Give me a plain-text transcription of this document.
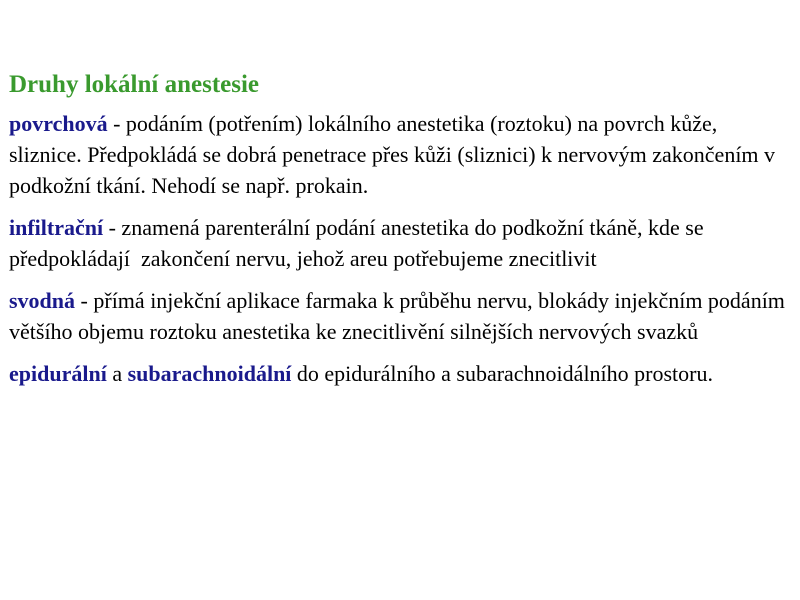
Druhy lokální anestesie

povrchová - podáním (potřením) lokálního anestetika (roztoku) na povrch kůže, sliznice. Předpokládá se dobrá penetrace přes kůži (sliznici) k nervovým zakončením v podkožní tkání. Nehodí se např. prokain.

infiltrační - znamená parenterální podání anestetika do podkožní tkáně, kde se předpokládají  zakončení nervu, jehož areu potřebujeme znecitlivit

svodná - přímá injekční aplikace farmaka k průběhu nervu, blokády injekčním podáním většího objemu roztoku anestetika ke znecitlivění silnějších nervových svazků

epidurální a subarachnoidální do epidurálního a subarachnoidálního prostoru.
